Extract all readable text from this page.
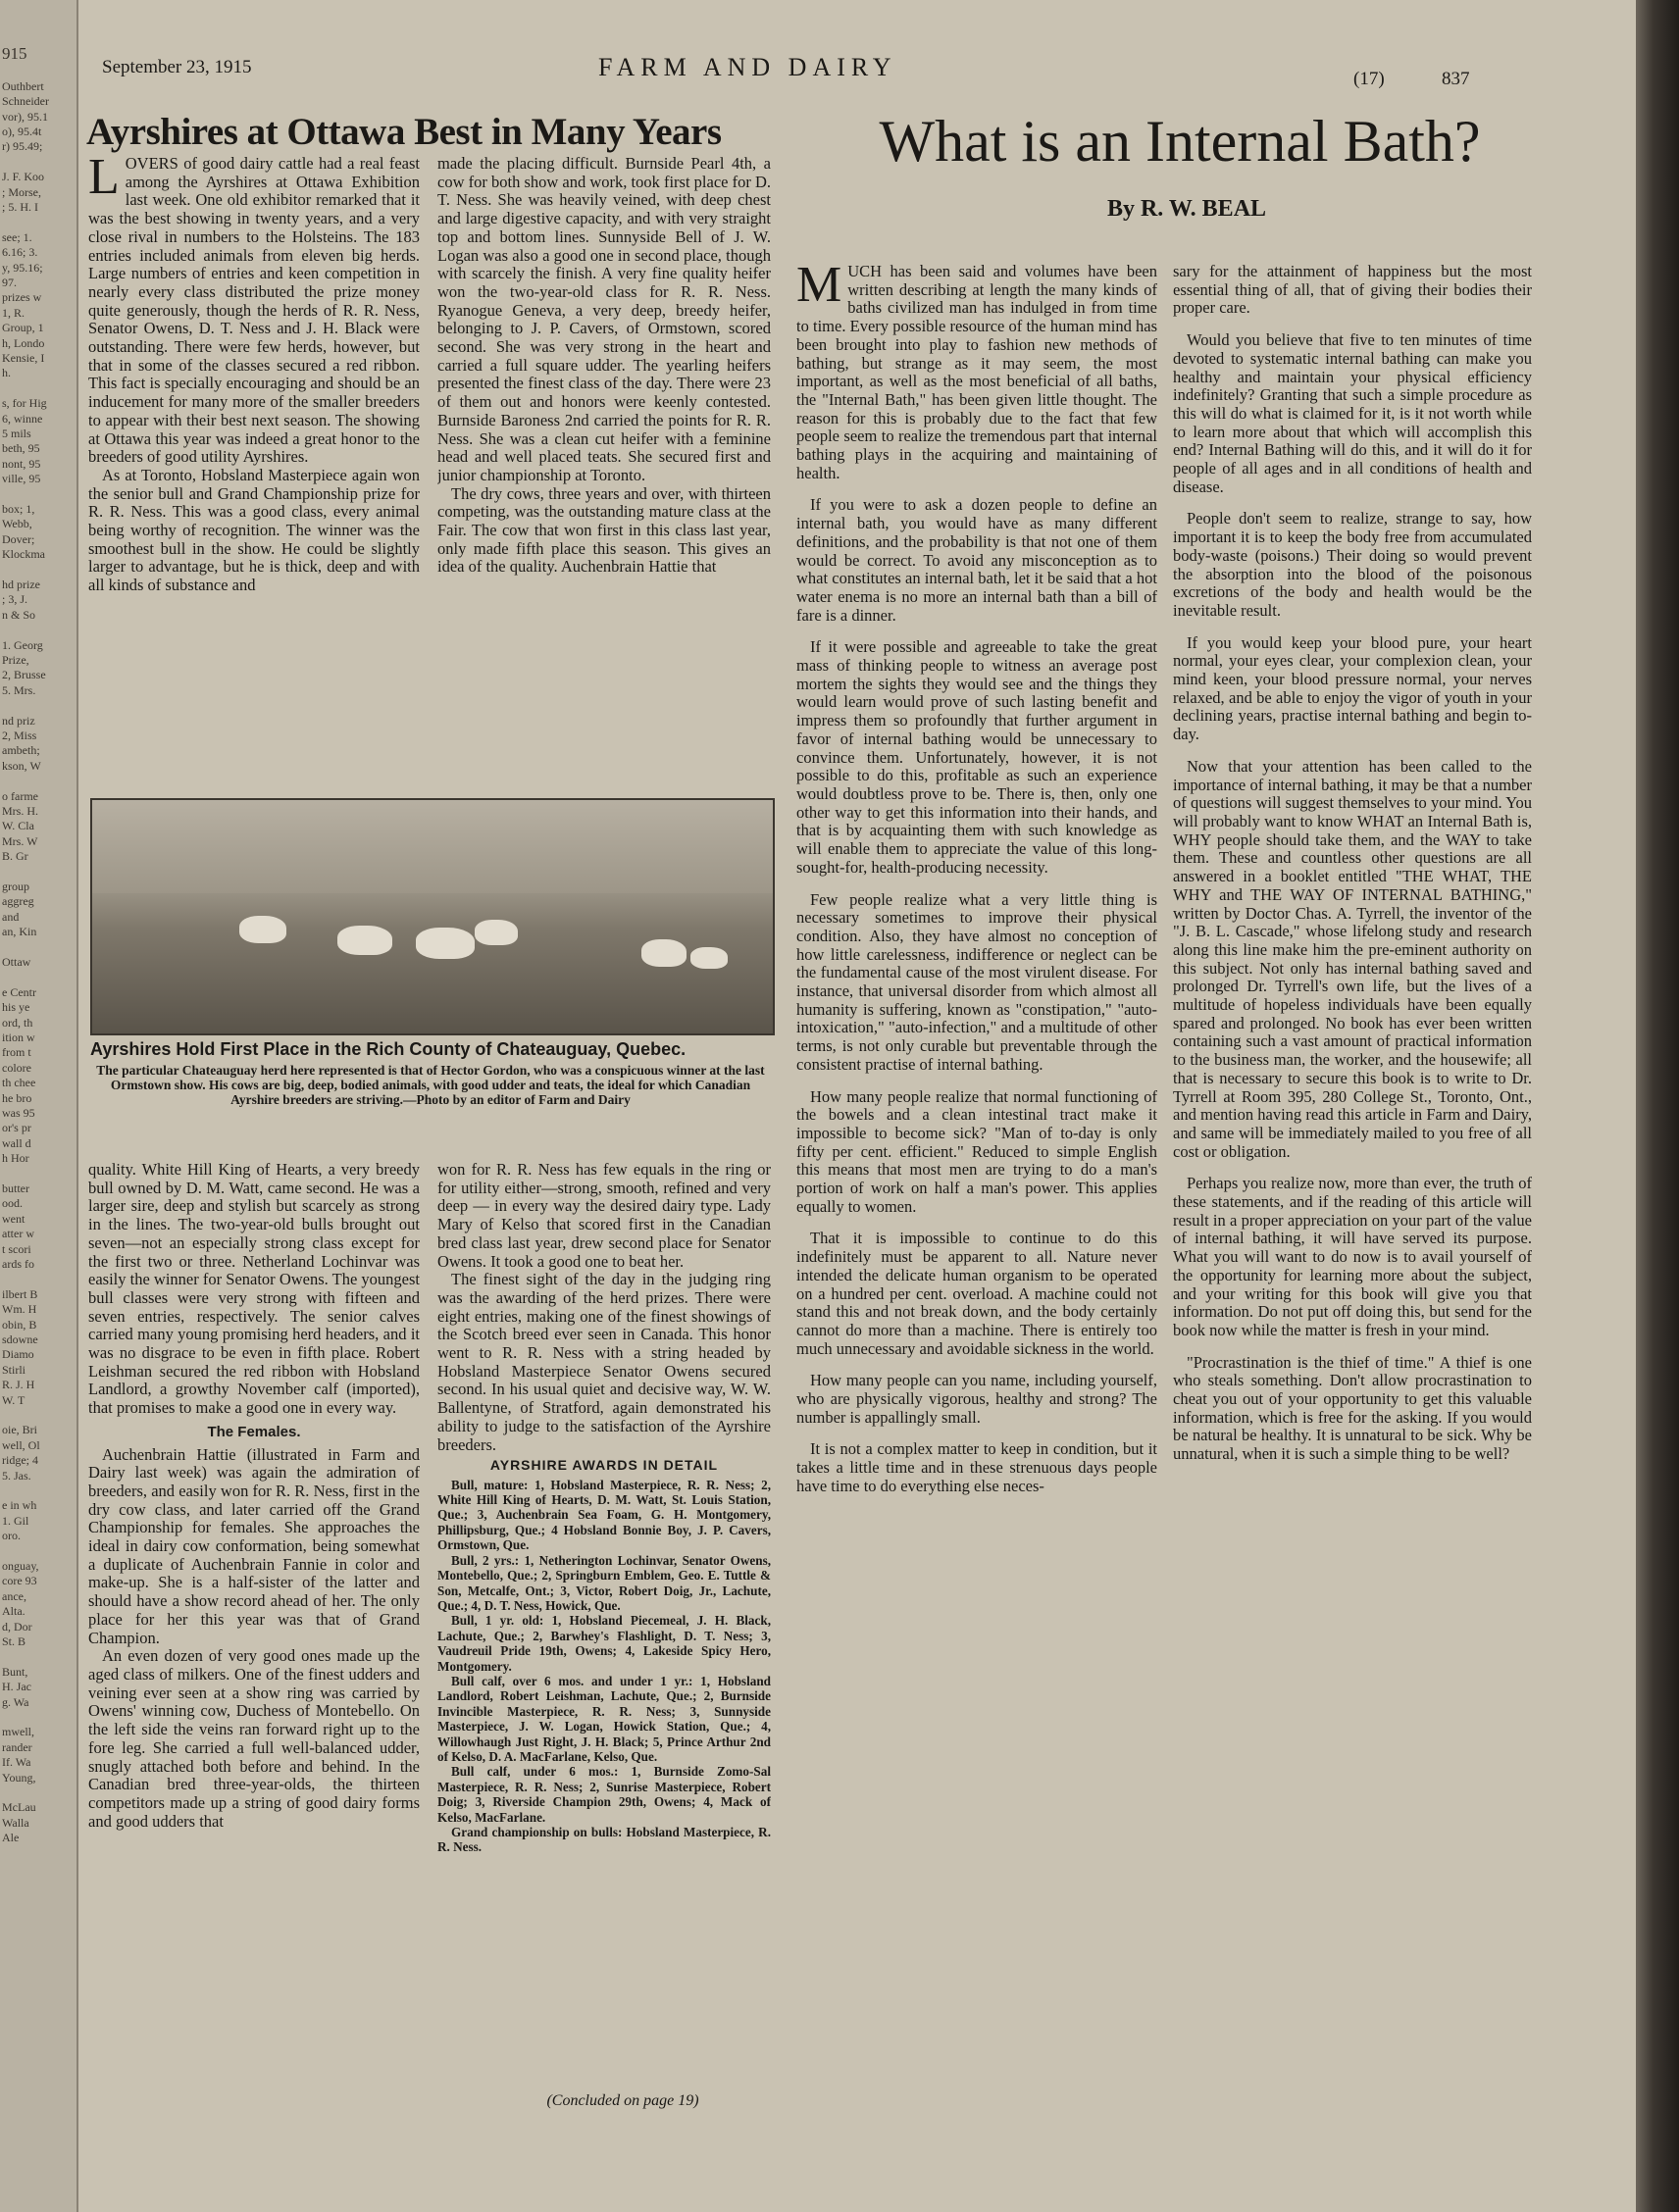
915
Outhbert
Schneider
vor), 95.1
o), 95.4t
r) 95.49;
J. F. Koo
; Morse,
; 5. H. I
see; 1.
6.16; 3.
y, 95.16;
97.
prizes w
1, R.
Group, 1
h, Londo
Kensie, I
h.
s, for Hig
6, winne
5 mils
beth, 95
nont, 95
ville, 95
box; 1,
Webb,
Dover;
Klockma
hd prize
; 3, J.
n & So
1. Georg
Prize,
2, Brusse
5. Mrs.
nd priz
2, Miss
ambeth;
kson, W
o farme
Mrs. H.
W. Cla
Mrs. W
B. Gr
group
aggreg
and
an, Kin
Ottaw
e Centr
his ye
ord, th
ition w
from t
colore
th chee
he bro
was 95
or's pr
wall d
h Hor
butter
ood.
went
atter w
t scori
ards fo
ilbert B
Wm. H
obin, B
sdowne
Diamo
Stirli
R. J. H
W. T
oie, Bri
well, Ol
ridge; 4
5. Jas.
e in wh
1. Gil
oro.
onguay,
core 93
ance,
Alta.
d, Dor
St. B
Bunt,
H. Jac
g. Wa
mwell,
rander
If. Wa
Young,
McLau
Walla
Ale
September 23, 1915	FARM AND DAIRY	(17)	837
Ayrshires at Ottawa Best in Many Years	What is an Internal Bath?
By R. W. BEAL
L OVERS of good dairy cattle had a real feast among the Ayrshires at Ottawa Exhibition last week. One old exhibitor remarked that it was the best showing in twenty years, and a very close rival in numbers to the Holsteins. The 183 entries included animals from eleven big herds. Large numbers of entries and keen competition in nearly every class distributed the prize money quite generously, though the herds of R. R. Ness, Senator Owens, D. T. Ness and J. H. Black were outstanding. There were few herds, however, but that in some of the classes secured a red ribbon. This fact is specially encouraging and should be an inducement for many more of the smaller breeders to appear with their best next season. The showing at Ottawa this year was indeed a great honor to the breeders of good utility Ayrshires.

As at Toronto, Hobsland Masterpiece again won the senior bull and Grand Championship prize for R. R. Ness. This was a good class, every animal being worthy of recognition. The winner was the smoothest bull in the show. He could be slightly larger to advantage, but he is thick, deep and with all kinds of substance and

made the placing difficult. Burnside Pearl 4th, a cow for both show and work, took first place for D. T. Ness. She was heavily veined, with deep chest and large digestive capacity, and with very straight top and bottom lines. Sunnyside Bell of J. W. Logan was also a good one in second place, though with scarcely the finish. A very fine quality heifer won the two-year-old class for R. R. Ness. Ryanogue Geneva, a very deep, breedy heifer, belonging to J. P. Cavers, of Ormstown, scored second. She was very strong in the heart and carried a full square udder. The yearling heifers presented the finest class of the day. There were 23 of them out and honors were keenly contested. Burnside Baroness 2nd carried the points for R. R. Ness. She was a clean cut heifer with a feminine head and well placed teats. She secured first and junior championship at Toronto.

The dry cows, three years and over, with thirteen competing, was the outstanding mature class at the Fair. The cow that won first in this class last year, only made fifth place this season. This gives an idea of the quality. Auchenbrain Hattie that

Ayrshires Hold First Place in the Rich County of Chateauguay, Quebec.
The particular Chateauguay herd here represented is that of Hector Gordon, who was a conspicuous winner at the last Ormstown show. His cows are big, deep, bodied animals, with good udder and teats, the ideal for which Canadian Ayrshire breeders are striving.—Photo by an editor of Farm and Dairy

quality. White Hill King of Hearts, a very breedy bull owned by D. M. Watt, came second. He was a larger sire, deep and stylish but scarcely as strong in the lines. The two-year-old bulls brought out seven—not an especially strong class except for the first two or three. Netherland Lochinvar was easily the winner for Senator Owens. The youngest bull classes were very strong with fifteen and seven entries, respectively. The senior calves carried many young promising herd headers, and it was no disgrace to be even in fifth place. Robert Leishman secured the red ribbon with Hobsland Landlord, a growthy November calf (imported), that promises to make a good one in every way.

The Females.

Auchenbrain Hattie (illustrated in Farm and Dairy last week) was again the admiration of breeders, and easily won for R. R. Ness, first in the dry cow class, and later carried off the Grand Championship for females. She approaches the ideal in dairy cow conformation, being somewhat a duplicate of Auchenbrain Fannie in color and make-up. She is a half-sister of the latter and should have a show record ahead of her. The only place for her this year was that of Grand Champion.

An even dozen of very good ones made up the aged class of milkers. One of the finest udders and veining ever seen at a show ring was carried by Owens' winning cow, Duchess of Montebello. On the left side the veins ran forward right up to the fore leg. She carried a full well-balanced udder, snugly attached both before and behind. In the Canadian bred three-year-olds, the thirteen competitors made up a string of good dairy forms and good udders that

won for R. R. Ness has few equals in the ring or for utility either—strong, smooth, refined and very deep — in every way the desired dairy type. Lady Mary of Kelso that scored first in the Canadian bred class last year, drew second place for Senator Owens. It took a good one to beat her.

The finest sight of the day in the judging ring was the awarding of the herd prizes. There were eight entries, making one of the finest showings of the Scotch breed ever seen in Canada. This honor went to R. R. Ness with a string headed by Hobsland Masterpiece Senator Owens secured second. In his usual quiet and decisive way, W. W. Ballentyne, of Stratford, again demonstrated his ability to judge to the satisfaction of the Ayrshire breeders.

AYRSHIRE AWARDS IN DETAIL

Bull, mature: 1, Hobsland Masterpiece, R. R. Ness; 2, White Hill King of Hearts, D. M. Watt, St. Louis Station, Que.; 3, Auchenbrain Sea Foam, G. H. Montgomery, Phillipsburg, Que.; 4 Hobsland Bonnie Boy, J. P. Cavers, Ormstown, Que.

Bull, 2 yrs.: 1, Netherington Lochinvar, Senator Owens, Montebello, Que.; 2, Springburn Emblem, Geo. E. Tuttle & Son, Metcalfe, Ont.; 3, Victor, Robert Doig, Jr., Lachute, Que.; 4, D. T. Ness, Howick, Que.

Bull, 1 yr. old: 1, Hobsland Piecemeal, J. H. Black, Lachute, Que.; 2, Barwhey's Flashlight, D. T. Ness; 3, Vaudreuil Pride 19th, Owens; 4, Lakeside Spicy Hero, Montgomery.

Bull calf, over 6 mos. and under 1 yr.: 1, Hobsland Landlord, Robert Leishman, Lachute, Que.; 2, Burnside Invincible Masterpiece, R. R. Ness; 3, Sunnyside Masterpiece, J. W. Logan, Howick Station, Que.; 4, Willowhaugh Just Right, J. H. Black; 5, Prince Arthur 2nd of Kelso, D. A. MacFarlane, Kelso, Que.

Bull calf, under 6 mos.: 1, Burnside Zomo-Sal Masterpiece, R. R. Ness; 2, Sunrise Masterpiece, Robert Doig; 3, Riverside Champion 29th, Owens; 4, Mack of Kelso, MacFarlane.

Grand championship on bulls: Hobsland Masterpiece, R. R. Ness.

(Concluded on page 19)
M UCH has been said and volumes have been written describing at length the many kinds of baths civilized man has indulged in from time to time. Every possible resource of the human mind has been brought into play to fashion new methods of bathing, but strange as it may seem, the most important, as well as the most beneficial of all baths, the "Internal Bath," has been given little thought. The reason for this is probably due to the fact that few people seem to realize the tremendous part that internal bathing plays in the acquiring and maintaining of health.

If you were to ask a dozen people to define an internal bath, you would have as many different definitions, and the probability is that not one of them would be correct. To avoid any misconception as to what constitutes an internal bath, let it be said that a hot water enema is no more an internal bath than a bill of fare is a dinner.

If it were possible and agreeable to take the great mass of thinking people to witness an average post mortem the sights they would see and the things they would learn would prove of such lasting benefit and impress them so profoundly that further argument in favor of internal bathing would be unnecessary to convince them. Unfortunately, however, it is not possible to do this, profitable as such an experience would doubtless prove to be. There is, then, only one other way to get this information into their hands, and that is by acquainting them with such knowledge as will enable them to appreciate the value of this long-sought-for, health-producing necessity.

Few people realize what a very little thing is necessary sometimes to improve their physical condition. Also, they have almost no conception of how little carelessness, indifference or neglect can be the fundamental cause of the most virulent disease. For instance, that universal disorder from which almost all humanity is suffering, known as "constipation," "auto-intoxication," "auto-infection," and a multitude of other terms, is not only curable but preventable through the consistent practise of internal bathing.

How many people realize that normal functioning of the bowels and a clean intestinal tract make it impossible to become sick? "Man of to-day is only fifty per cent. efficient." Reduced to simple English this means that most men are trying to do a man's portion of work on half a man's power. This applies equally to women.

That it is impossible to continue to do this indefinitely must be apparent to all. Nature never intended the delicate human organism to be operated on a hundred per cent. overload. A machine could not stand this and not break down, and the body certainly cannot do more than a machine. There is entirely too much unnecessary and avoidable sickness in the world.

How many people can you name, including yourself, who are physically vigorous, healthy and strong? The number is appallingly small.

It is not a complex matter to keep in condition, but it takes a little time and in these strenuous days people have time to do everything else neces-

sary for the attainment of happiness but the most essential thing of all, that of giving their bodies their proper care.

Would you believe that five to ten minutes of time devoted to systematic internal bathing can make you healthy and maintain your physical efficiency indefinitely? Granting that such a simple procedure as this will do what is claimed for it, is it not worth while to learn more about that which will accomplish this end? Internal Bathing will do this, and it will do it for people of all ages and in all conditions of health and disease.

People don't seem to realize, strange to say, how important it is to keep the body free from accumulated body-waste (poisons.) Their doing so would prevent the absorption into the blood of the poisonous excretions of the body and health would be the inevitable result.

If you would keep your blood pure, your heart normal, your eyes clear, your complexion clean, your mind keen, your blood pressure normal, your nerves relaxed, and be able to enjoy the vigor of youth in your declining years, practise internal bathing and begin to-day.

Now that your attention has been called to the importance of internal bathing, it may be that a number of questions will suggest themselves to your mind. You will probably want to know WHAT an Internal Bath is, WHY people should take them, and the WAY to take them. These and countless other questions are all answered in a booklet entitled "THE WHAT, THE WHY and THE WAY OF INTERNAL BATHING," written by Doctor Chas. A. Tyrrell, the inventor of the "J. B. L. Cascade," whose lifelong study and research along this line make him the pre-eminent authority on this subject. Not only has internal bathing saved and prolonged Dr. Tyrrell's own life, but the lives of a multitude of hopeless individuals have been equally spared and prolonged. No book has ever been written containing such a vast amount of practical information to the business man, the worker, and the housewife; all that is necessary to secure this book is to write to Dr. Tyrrell at Room 395, 280 College St., Toronto, Ont., and mention having read this article in Farm and Dairy, and same will be immediately mailed to you free of all cost or obligation.

Perhaps you realize now, more than ever, the truth of these statements, and if the reading of this article will result in a proper appreciation on your part of the value of internal bathing, it will have served its purpose. What you will want to do now is to avail yourself of the opportunity for learning more about the subject, and your writing for this book will give you that information. Do not put off doing this, but send for the book now while the matter is fresh in your mind.

"Procrastination is the thief of time." A thief is one who steals something. Don't allow procrastination to cheat you out of your opportunity to get this valuable information, which is free for the asking. If you would be natural be healthy. It is unnatural to be sick. Why be unnatural, when it is such a simple thing to be well?
